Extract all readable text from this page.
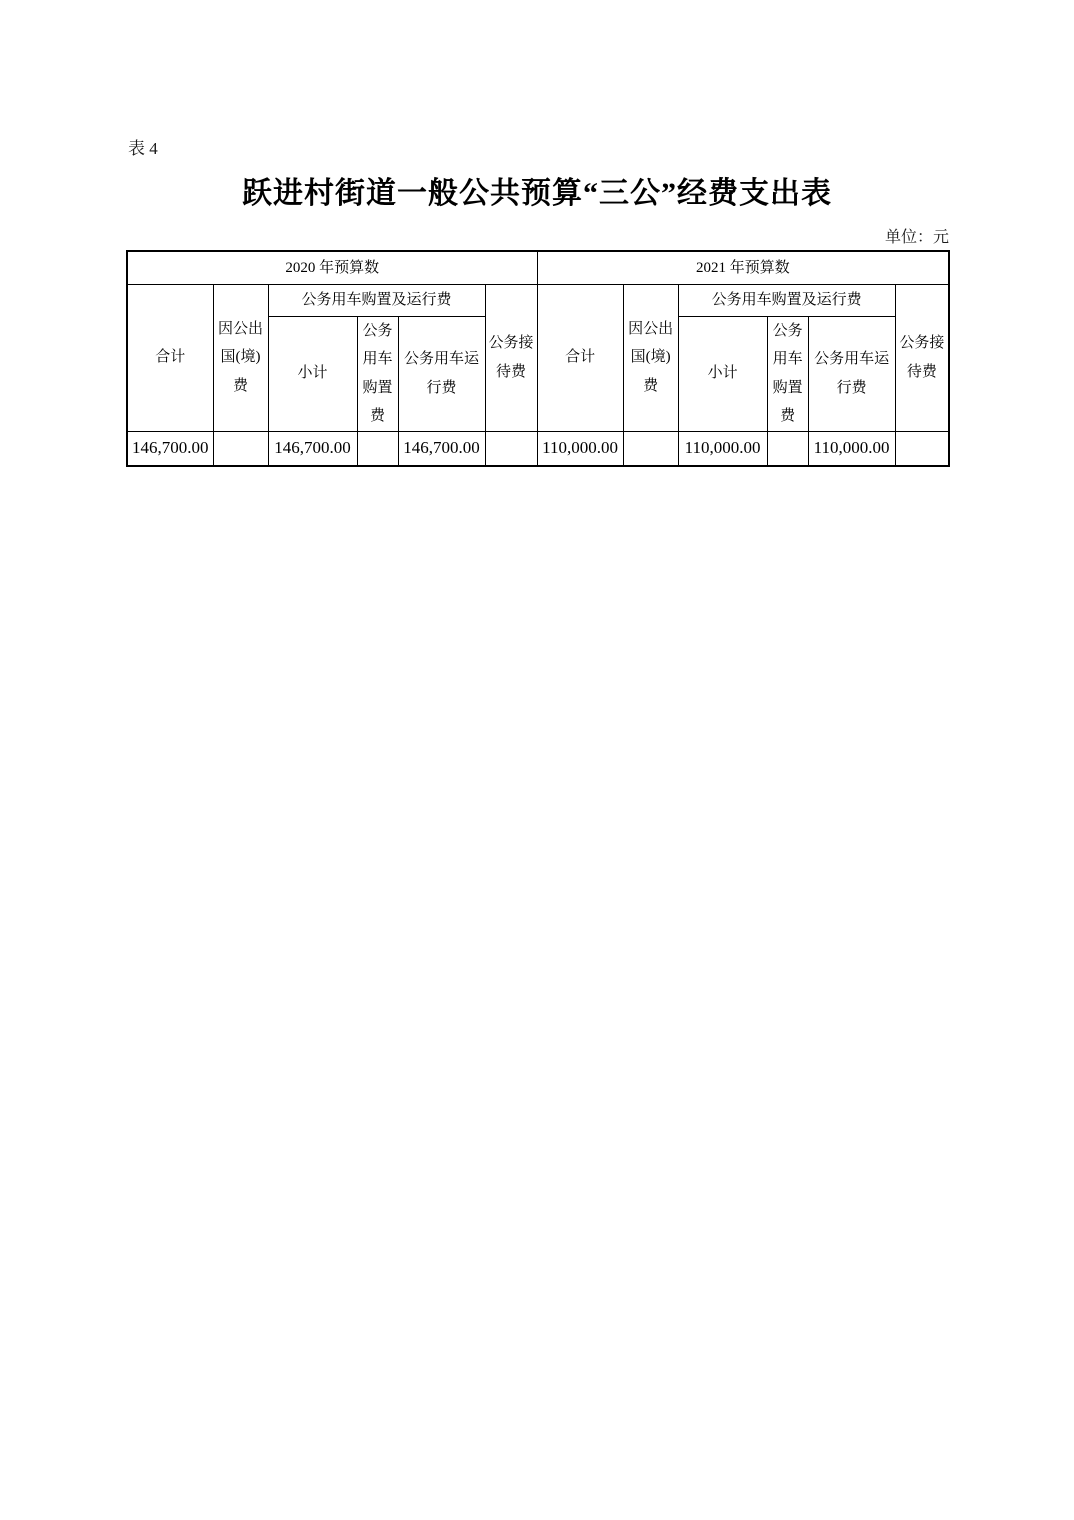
表 4
跃进村街道一般公共预算“三公”经费支出表
单位：元
2020 年预算数						2021 年预算数					
合计	因公出国(境)费	公务用车购置及运行费			公务接待费	合计	因公出国(境)费	公务用车购置及运行费			公务接待费
		小计	公务用车购置费	公务用车运行费				小计	公务用车购置费	公务用车运行费	
146,700.00		146,700.00		146,700.00		110,000.00		110,000.00		110,000.00	
